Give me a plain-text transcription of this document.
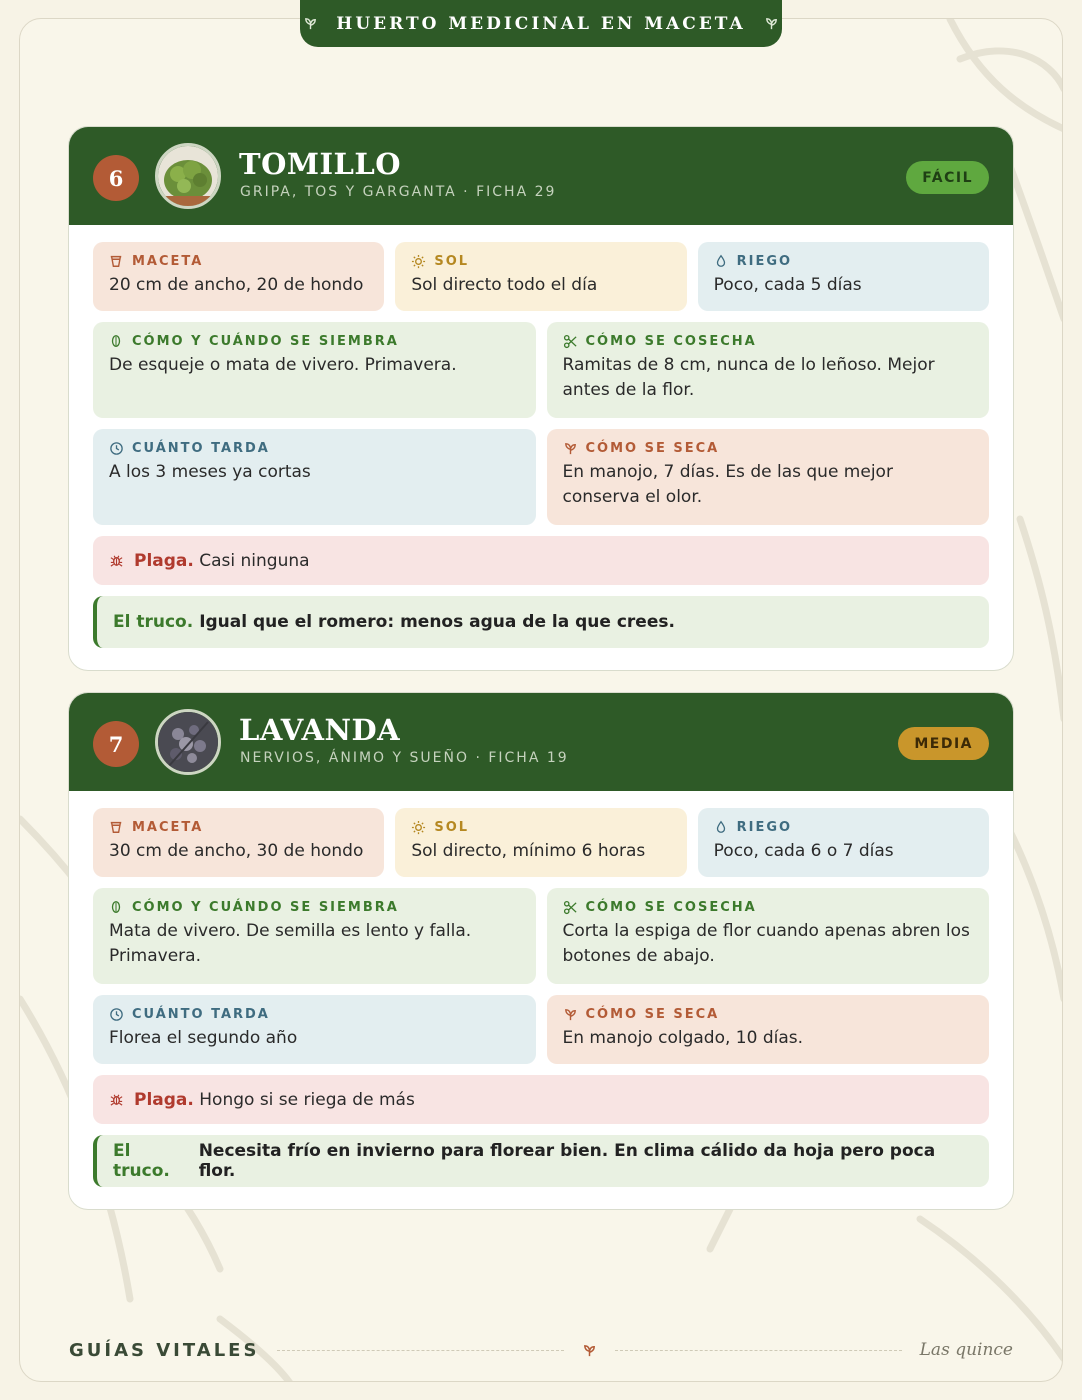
HUERTO MEDICINAL EN MACETA
6	TOMILLO
GRIPA, TOS Y GARGANTA · FICHA 29
FÁCIL
MACETA
20 cm de ancho, 20 de hondo
SOL
Sol directo todo el día
RIEGO
Poco, cada 5 días
CÓMO Y CUÁNDO SE SIEMBRA
De esqueje o mata de vivero. Primavera.
CÓMO SE COSECHA
Ramitas de 8 cm, nunca de lo leñoso. Mejor antes de la flor.
CUÁNTO TARDA
A los 3 meses ya cortas
CÓMO SE SECA
En manojo, 7 días. Es de las que mejor conserva el olor.
Plaga. Casi ninguna
El truco. Igual que el romero: menos agua de la que crees.
7	LAVANDA
NERVIOS, ÁNIMO Y SUEÑO · FICHA 19
MEDIA
MACETA
30 cm de ancho, 30 de hondo
SOL
Sol directo, mínimo 6 horas
RIEGO
Poco, cada 6 o 7 días
CÓMO Y CUÁNDO SE SIEMBRA
Mata de vivero. De semilla es lento y falla. Primavera.
CÓMO SE COSECHA
Corta la espiga de flor cuando apenas abren los botones de abajo.
CUÁNTO TARDA
Florea el segundo año
CÓMO SE SECA
En manojo colgado, 10 días.
Plaga. Hongo si se riega de más
El truco.
Necesita frío en invierno para florear bien. En clima cálido da hoja pero poca flor.
GUÍAS VITALES	Las quince
